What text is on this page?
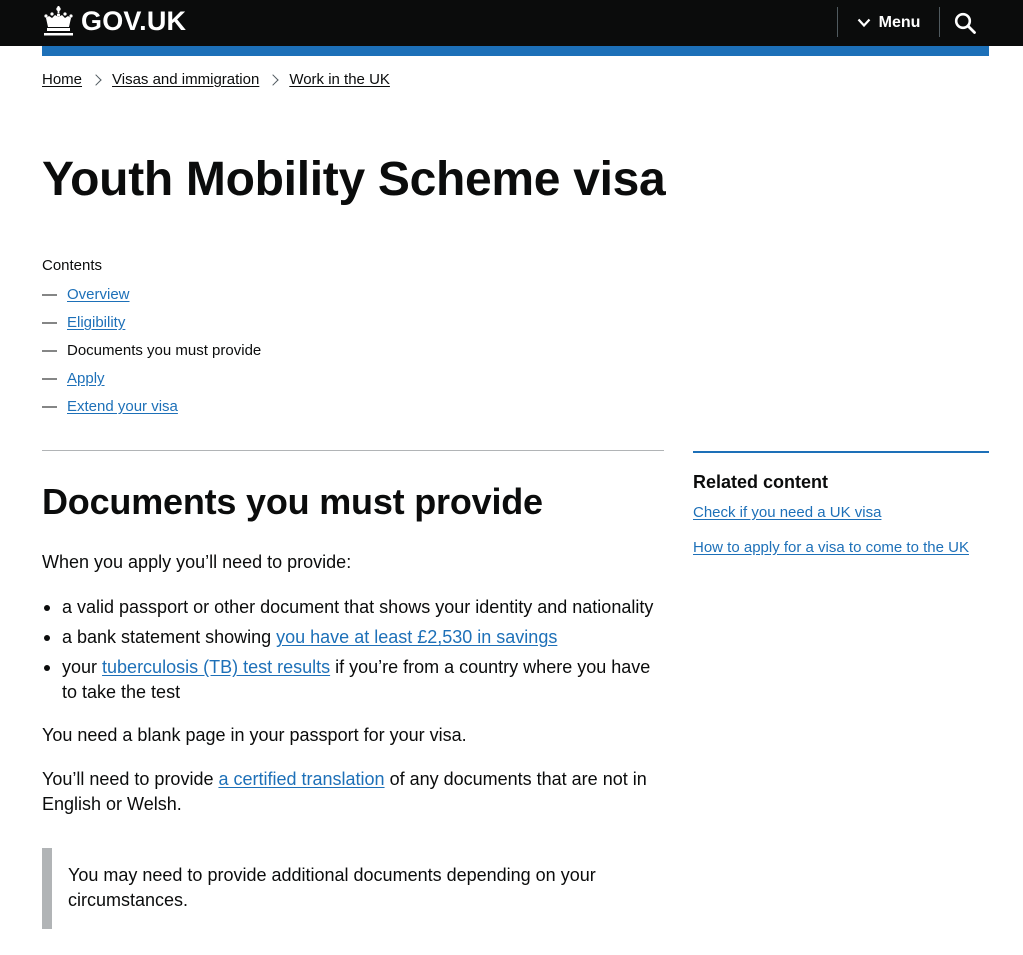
GOV.UK	Menu
Home Visas and immigration Work in the UK
Youth Mobility Scheme visa
Contents
— Overview
— Eligibility
— Documents you must provide
— Apply
— Extend your visa
Documents you must provide

When you apply you’ll need to provide:

a valid passport or other document that shows your identity and nationality
a bank statement showing you have at least £2,530 in savings
your tuberculosis (TB) test results if you’re from a country where you have to take the test

You need a blank page in your passport for your visa.

You’ll need to provide a certified translation of any documents that are not in English or Welsh.

You may need to provide additional documents depending on your circumstances.
Related content
Check if you need a UK visa
How to apply for a visa to come to the UK
